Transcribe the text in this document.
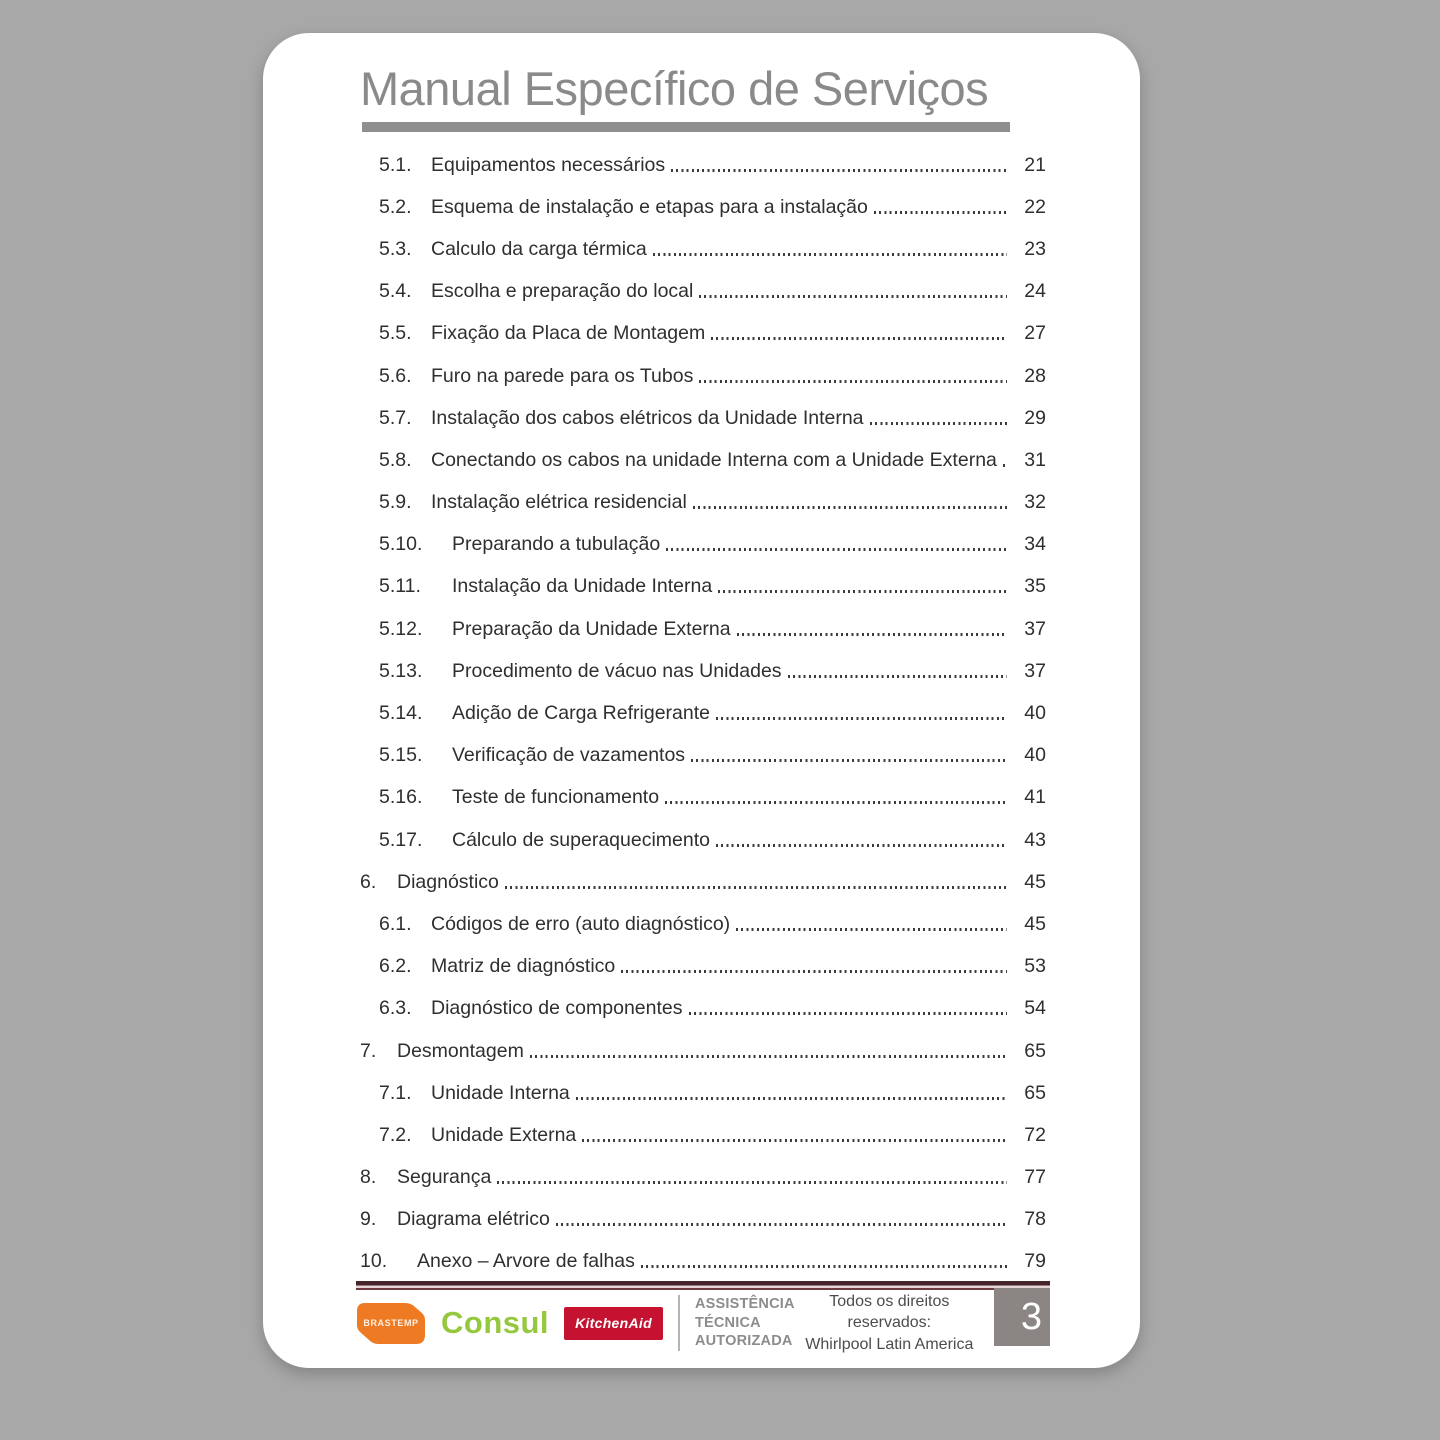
Manual Específico de Serviços
5.1. Equipamentos necessários	21
5.2. Esquema de instalação e etapas para a instalação	22
5.3. Calculo da carga térmica	23
5.4. Escolha e preparação do local	24
5.5. Fixação da Placa de Montagem	27
5.6. Furo na parede para os Tubos	28
5.7. Instalação dos cabos elétricos da Unidade Interna	29
5.8. Conectando os cabos na unidade Interna com a Unidade Externa	31
5.9. Instalação elétrica residencial	32
5.10.	Preparando a tubulação	34
5.11.	Instalação da Unidade Interna	35
5.12.	Preparação da Unidade Externa	37
5.13.	Procedimento de vácuo nas Unidades	37
5.14.	Adição de Carga Refrigerante	40
5.15.	Verificação de vazamentos	40
5.16.	Teste de funcionamento	41
5.17.	Cálculo de superaquecimento	43
6.	Diagnóstico	45
6.1. Códigos de erro (auto diagnóstico)	45
6.2. Matriz de diagnóstico	53
6.3. Diagnóstico de componentes	54
7.	Desmontagem	65
7.1. Unidade Interna	65
7.2. Unidade Externa	72
8.	Segurança	77
9.	Diagrama elétrico	78
10.	Anexo – Arvore de falhas	79
BRASTEMP Consul	KitchenAid
ASSISTÊNCIA
TÉCNICA
AUTORIZADA
Todos os direitos reservados:
Whirlpool Latin America
3
